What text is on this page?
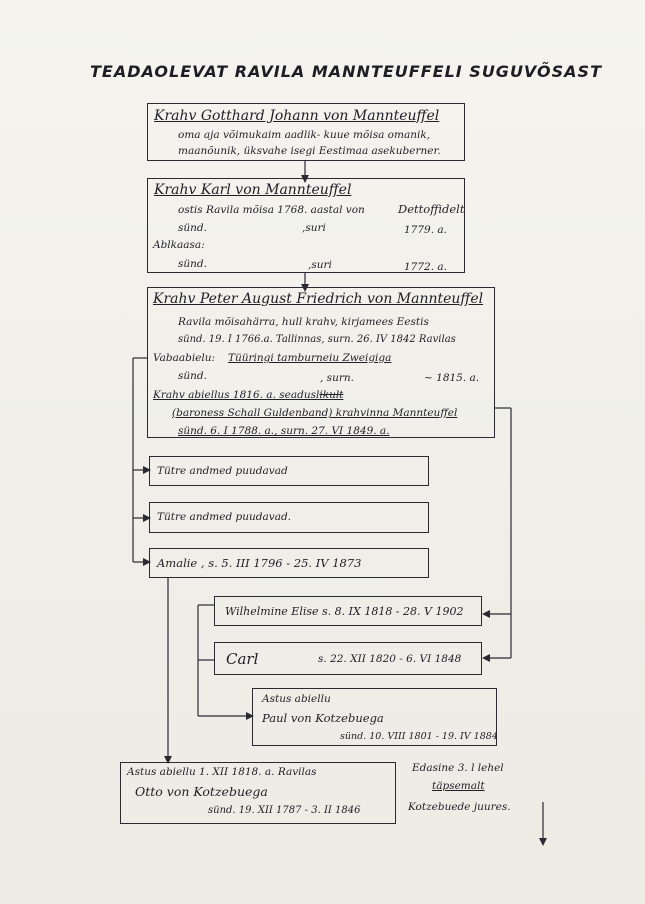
TEADAOLEVAT RAVILA MANNTEUFFELI SUGUVÕSAST
Krahv Gotthard Johann von Mannteuffel
oma aja võimukaim aadlik- kuue mõisa omanik,
maanõunik, üksvahe isegi Eestimaa asekuberner.
Krahv Karl von Mannteuffel
ostis Ravila mõisa 1768. aastal von	Dettoffidelt
sünd.	,suri	1779. a.
Ablkaasa:
sünd.	,suri	1772. a.
Krahv Peter August Friedrich von Mannteuffel
Ravila mõisahärra, hull krahv, kirjamees Eestis
sünd. 19. I 1766.a. Tallinnas, surn. 26. IV 1842 Ravilas
Vabaabielu: Tüüringi tamburneiu Zweigiga
sünd.	, surn.	~ 1815. a.
Krahv abiellus 1816. a. seaduslikult
(baroness Schall Guldenband) krahvinna Mannteuffel
sünd. 6. I 1788. a., surn. 27. VI 1849. a.
Tütre andmed puudavad
Tütre andmed puudavad.
Amalie , s. 5. III 1796 - 25. IV 1873
Wilhelmine Elise s. 8. IX 1818 - 28. V 1902
Carl	s. 22. XII 1820 - 6. VI 1848
Astus abiellu
Paul von Kotzebuega
sünd. 10. VIII 1801 - 19. IV 1884
Astus abiellu 1. XII 1818. a. Ravilas
Otto von Kotzebuega
sünd. 19. XII 1787 - 3. II 1846
Edasine 3. l lehel
täpsemalt
Kotzebuede juures.
